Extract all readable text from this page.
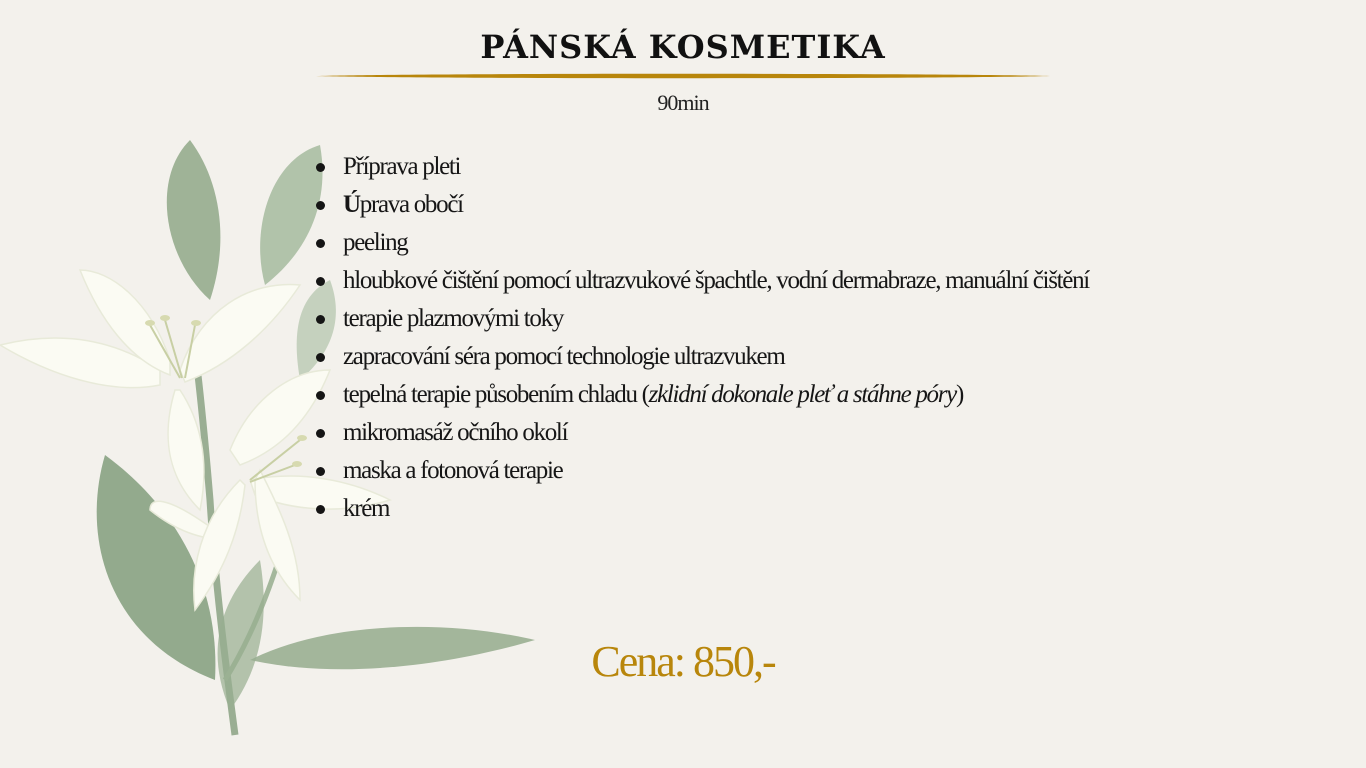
PÁNSKÁ KOSMETIKA
90min
Příprava pleti
Úprava obočí
peeling
hloubkové čištění pomocí ultrazvukové špachtle, vodní dermabraze, manuální čištění
terapie plazmovými toky
zapracování séra pomocí technologie ultrazvukem
tepelná terapie působením chladu (zklidní dokonale pleť a stáhne póry)
mikromasáž očního okolí
maska a fotonová terapie
krém
Cena: 850,-
